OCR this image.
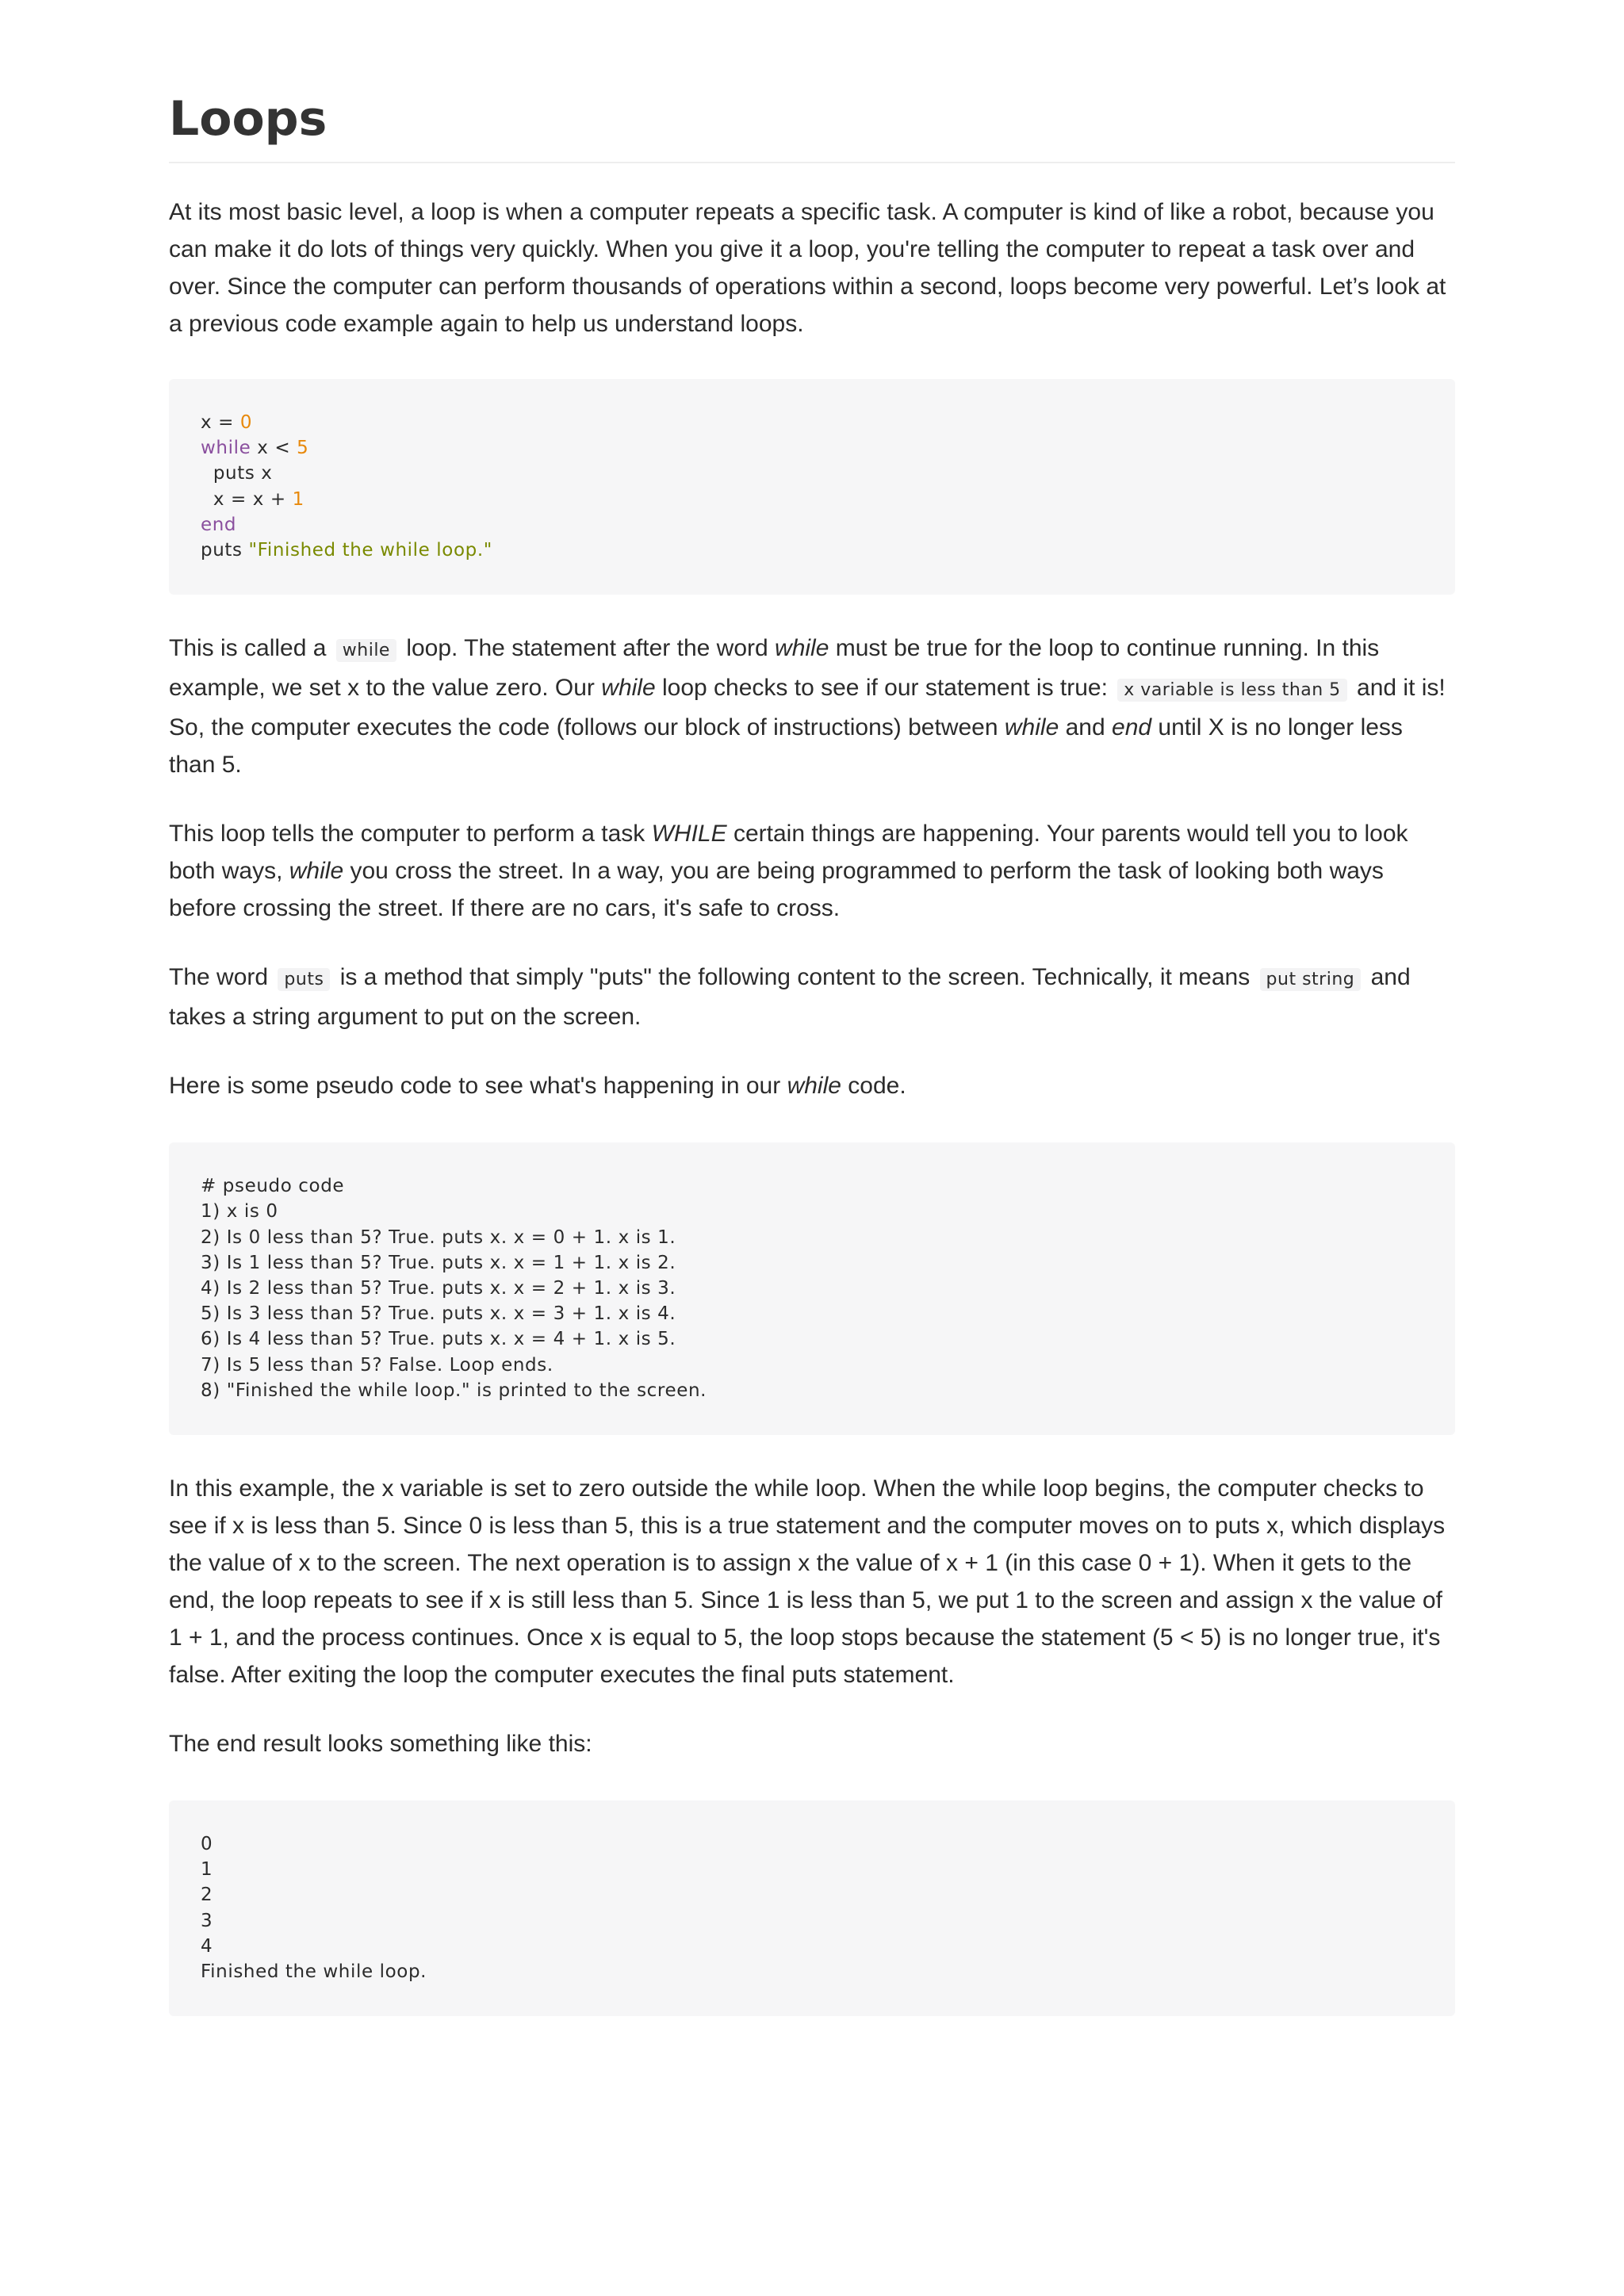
Loops

At its most basic level, a loop is when a computer repeats a specific task. A computer is kind of like a robot, because you can make it do lots of things very quickly. When you give it a loop, you're telling the computer to repeat a task over and over. Since the computer can perform thousands of operations within a second, loops become very powerful. Let’s look at a previous code example again to help us understand loops.

x = 0
while x < 5
puts x
x = x + 1
end
puts "Finished the while loop."

This is called a while loop. The statement after the word while must be true for the loop to continue running. In this example, we set x to the value zero. Our while loop checks to see if our statement is true: x variable is less than 5 and it is! So, the computer executes the code (follows our block of instructions) between while and end until X is no longer less than 5.

This loop tells the computer to perform a task WHILE certain things are happening. Your parents would tell you to look both ways, while you cross the street. In a way, you are being programmed to perform the task of looking both ways before crossing the street. If there are no cars, it's safe to cross.

The word puts is a method that simply "puts" the following content to the screen. Technically, it means put string and takes a string argument to put on the screen.

Here is some pseudo code to see what's happening in our while code.

# pseudo code
1) x is 0
2) Is 0 less than 5? True. puts x. x = 0 + 1. x is 1.
3) Is 1 less than 5? True. puts x. x = 1 + 1. x is 2.
4) Is 2 less than 5? True. puts x. x = 2 + 1. x is 3.
5) Is 3 less than 5? True. puts x. x = 3 + 1. x is 4.
6) Is 4 less than 5? True. puts x. x = 4 + 1. x is 5.
7) Is 5 less than 5? False. Loop ends.
8) "Finished the while loop." is printed to the screen.

In this example, the x variable is set to zero outside the while loop. When the while loop begins, the computer checks to see if x is less than 5. Since 0 is less than 5, this is a true statement and the computer moves on to puts x, which displays the value of x to the screen. The next operation is to assign x the value of x + 1 (in this case 0 + 1). When it gets to the end, the loop repeats to see if x is still less than 5. Since 1 is less than 5, we put 1 to the screen and assign x the value of 1 + 1, and the process continues. Once x is equal to 5, the loop stops because the statement (5 < 5) is no longer true, it's false. After exiting the loop the computer executes the final puts statement.

The end result looks something like this:

0
1
2
3
4
Finished the while loop.
